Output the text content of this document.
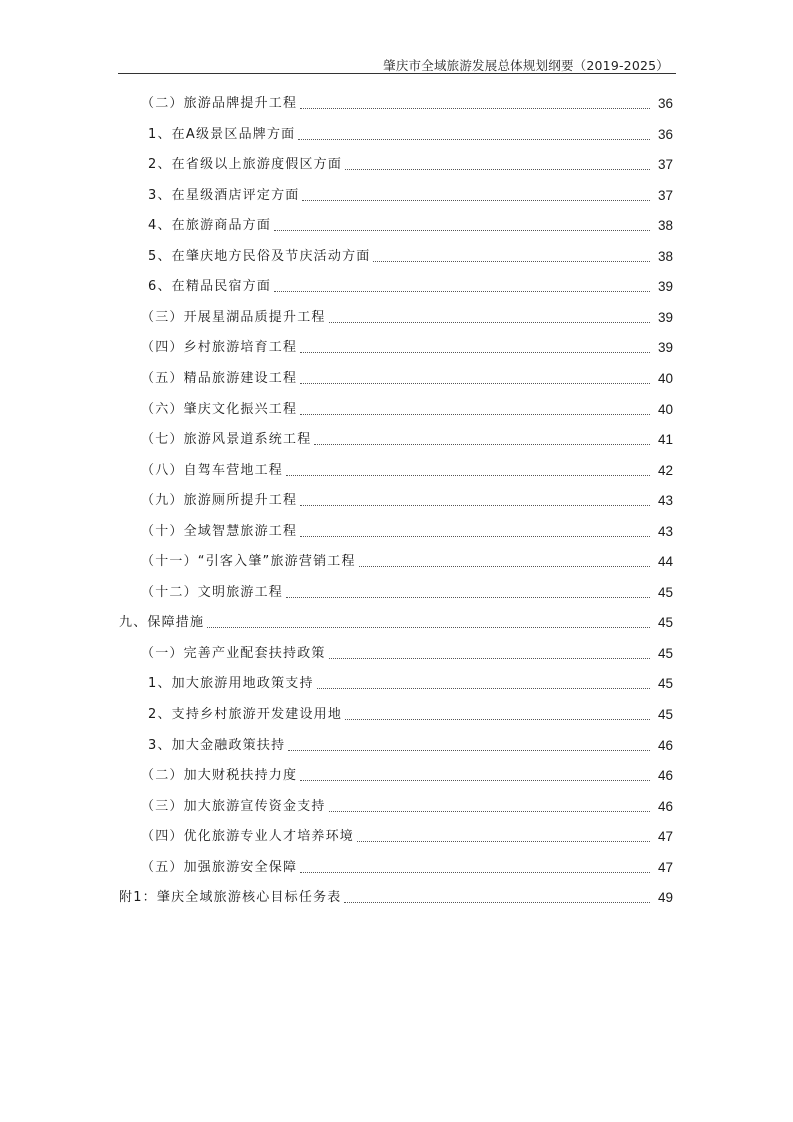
肇庆市全域旅游发展总体规划纲要（2019-2025）
（二）旅游品牌提升工程	36
1、在A级景区品牌方面	36
2、在省级以上旅游度假区方面	37
3、在星级酒店评定方面	37
4、在旅游商品方面	38
5、在肇庆地方民俗及节庆活动方面	38
6、在精品民宿方面	39
（三）开展星湖品质提升工程	39
（四）乡村旅游培育工程	39
（五）精品旅游建设工程	40
（六）肇庆文化振兴工程	40
（七）旅游风景道系统工程	41
（八）自驾车营地工程	42
（九）旅游厕所提升工程	43
（十）全域智慧旅游工程	43
（十一）“引客入肇”旅游营销工程	44
（十二）文明旅游工程	45
九、保障措施	45
（一）完善产业配套扶持政策	45
1、加大旅游用地政策支持	45
2、支持乡村旅游开发建设用地	45
3、加大金融政策扶持	46
（二）加大财税扶持力度	46
（三）加大旅游宣传资金支持	46
（四）优化旅游专业人才培养环境	47
（五）加强旅游安全保障	47
附1：肇庆全域旅游核心目标任务表	49
